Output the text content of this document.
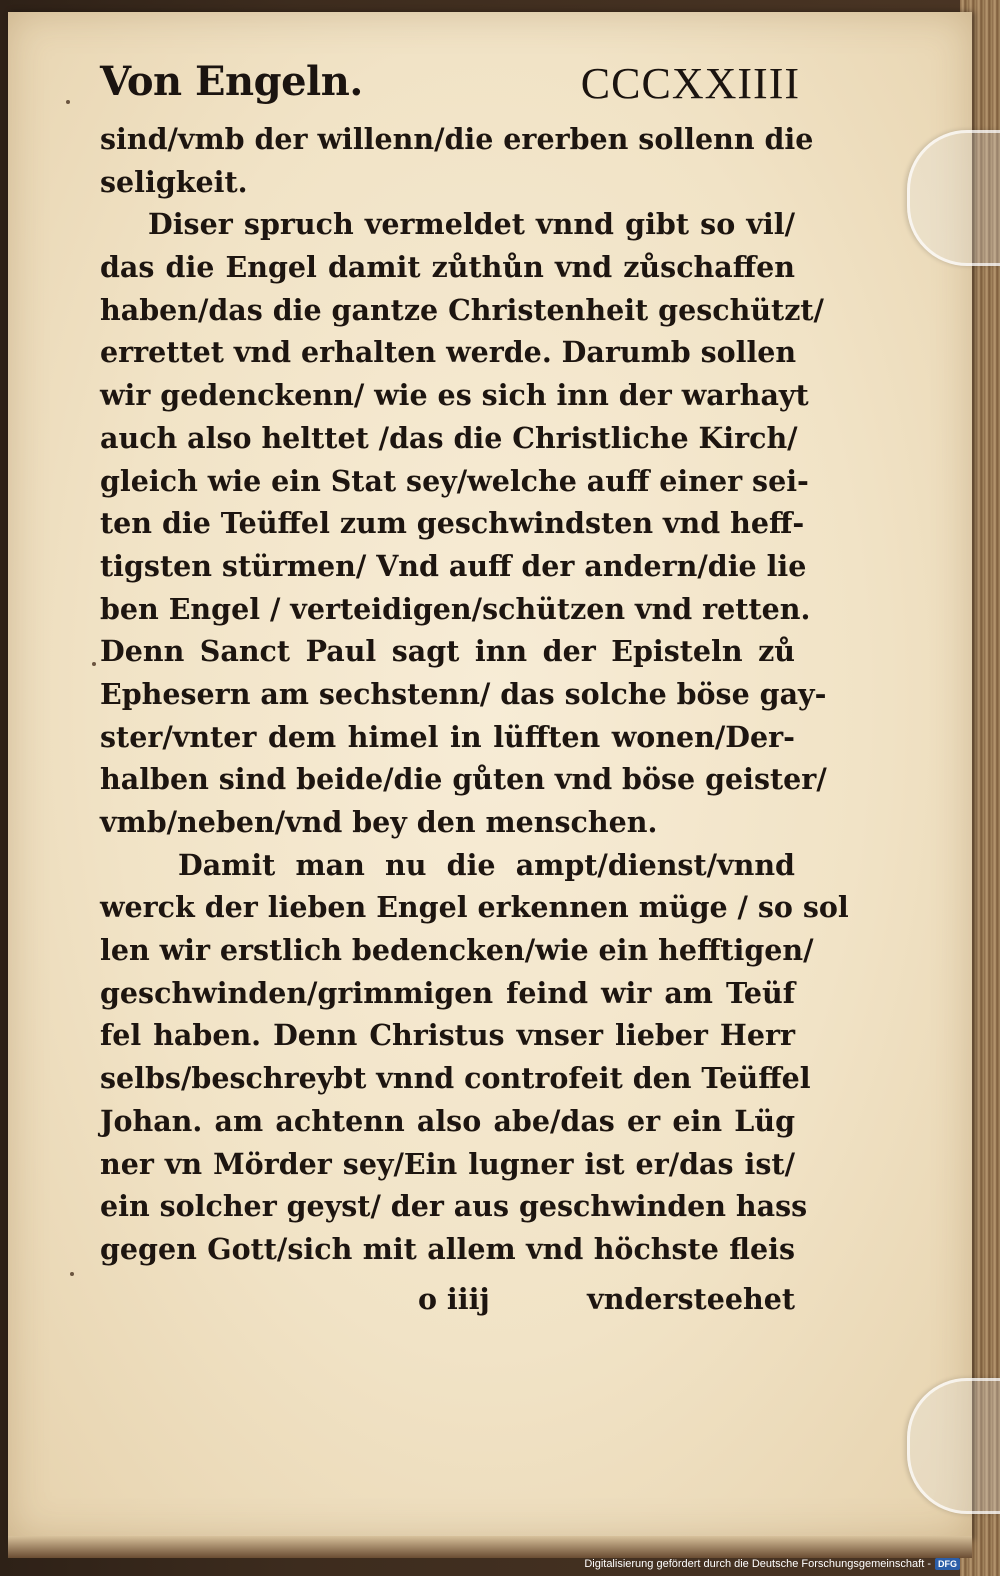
Von Engeln.	CCCXXIIII
sind/vmb der willenn/die ererben sollenn die
seligkeit.
Diser spruch vermeldet vnnd gibt so vil/
das die Engel damit zůthůn vnd zůschaffen
haben/das die gantze Christenheit geschützt/
errettet vnd erhalten werde. Darumb sollen
wir gedenckenn/ wie es sich inn der warhayt
auch also helttet /das die Christliche Kirch/
gleich wie ein Stat sey/welche auff einer sei-
ten die Teüffel zum geschwindsten vnd heff-
tigsten stürmen/ Vnd auff der andern/die lie
ben Engel / verteidigen/schützen vnd retten.
Denn Sanct Paul sagt inn der Episteln zů
Ephesern am sechstenn/ das solche böse gay-
ster/vnter dem himel in lüfften wonen/Der-
halben sind beide/die gůten vnd böse geister/
vmb/neben/vnd bey den menschen.
Damit man nu die ampt/dienst/vnnd
werck der lieben Engel erkennen müge / so sol
len wir erstlich bedencken/wie ein hefftigen/
geschwinden/grimmigen feind wir am Teüf
fel haben. Denn Christus vnser lieber Herr
selbs/beschreybt vnnd controfeit den Teüffel
Johan. am achtenn also abe/das er ein Lüg
ner vn Mörder sey/Ein lugner ist er/das ist/
ein solcher geyst/ der aus geschwinden hass
gegen Gott/sich mit allem vnd höchste fleis
o iiij	vndersteehet
Digitalisierung gefördert durch die Deutsche Forschungsgemeinschaft - DFG
